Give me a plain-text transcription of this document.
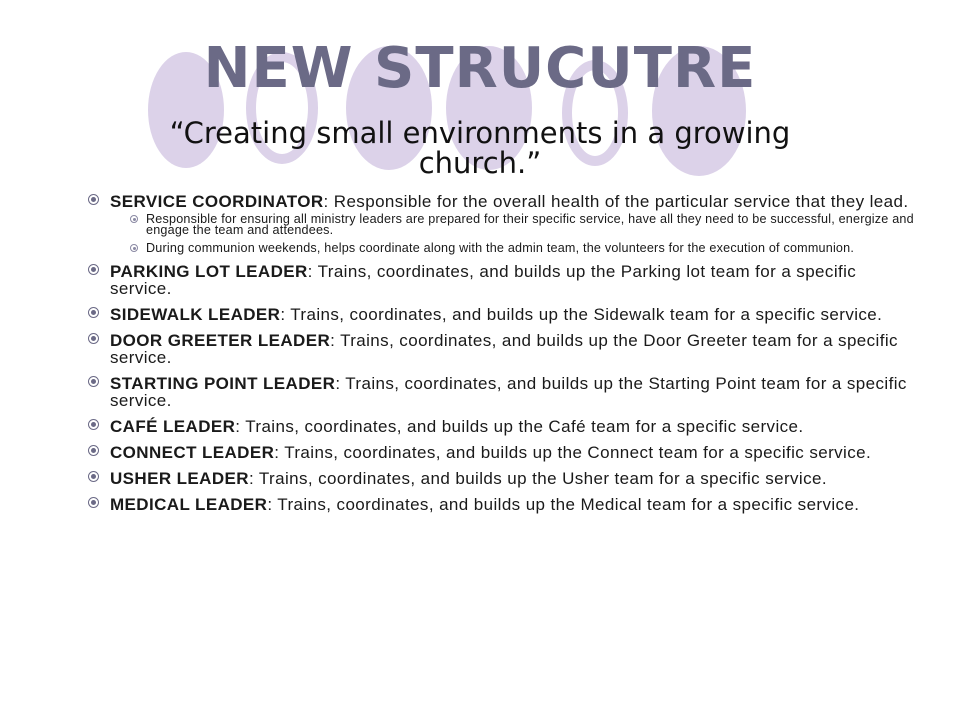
NEW STRUCUTRE

“Creating small environments in a growing church.”

SERVICE COORDINATOR: Responsible for the overall health of the particular service that they lead.
Responsible for ensuring all ministry leaders are prepared for their specific service, have all they need to be successful, energize and engage the team and attendees.
During communion weekends, helps coordinate along with the admin team, the volunteers for the execution of communion.
PARKING LOT LEADER: Trains, coordinates, and builds up the Parking lot team for a specific service.
SIDEWALK LEADER: Trains, coordinates, and builds up the Sidewalk team for a specific service.
DOOR GREETER LEADER: Trains, coordinates, and builds up the Door Greeter team for a specific service.
STARTING POINT LEADER: Trains, coordinates, and builds up the Starting Point team for a specific service.
CAFÉ LEADER: Trains, coordinates, and builds up the Café team for a specific service.
CONNECT LEADER: Trains, coordinates, and builds up the Connect team for a specific service.
USHER LEADER: Trains, coordinates, and builds up the Usher team for a specific service.
MEDICAL LEADER: Trains, coordinates, and builds up the Medical team for a specific service.
